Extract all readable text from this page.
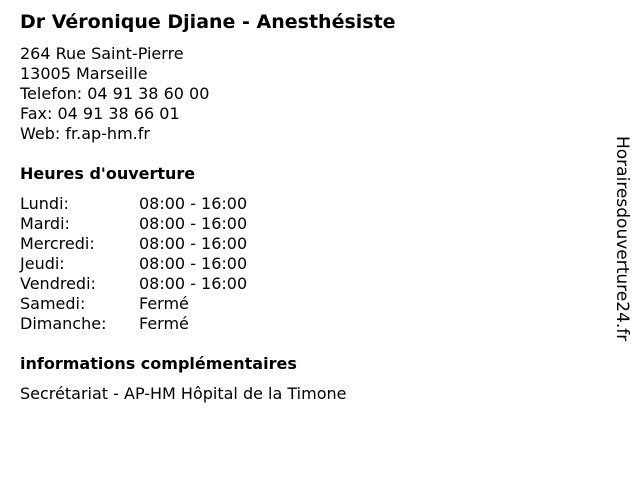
Dr Véronique Djiane - Anesthésiste
264 Rue Saint-Pierre
13005 Marseille
Telefon: 04 91 38 60 00
Fax: 04 91 38 66 01
Web: fr.ap-hm.fr
Heures d'ouverture
Lundi:	08:00 - 16:00
Mardi:	08:00 - 16:00
Mercredi:	08:00 - 16:00
Jeudi:	08:00 - 16:00
Vendredi:	08:00 - 16:00
Samedi:	Fermé
Dimanche:	Fermé
informations complémentaires
Secrétariat - AP-HM Hôpital de la Timone
Horairesdouverture24.fr
